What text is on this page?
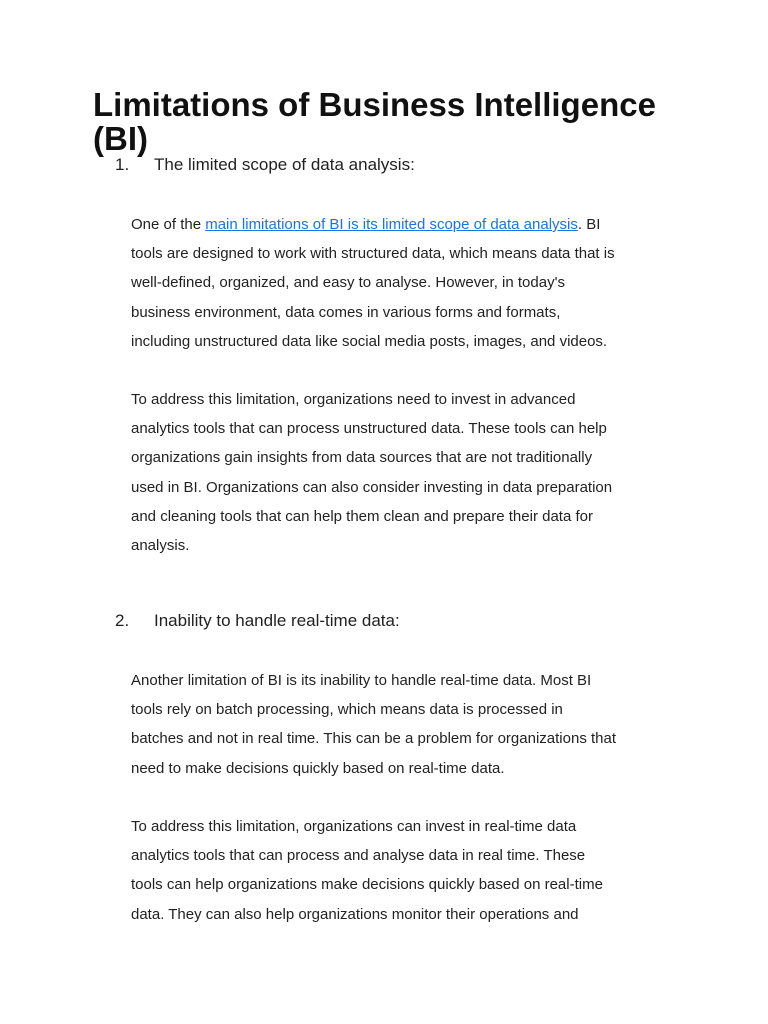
Limitations of Business Intelligence (BI)
1. The limited scope of data analysis:

One of the main limitations of BI is its limited scope of data analysis. BI
tools are designed to work with structured data, which means data that is
well-defined, organized, and easy to analyse. However, in today's
business environment, data comes in various forms and formats,
including unstructured data like social media posts, images, and videos.

To address this limitation, organizations need to invest in advanced
analytics tools that can process unstructured data. These tools can help
organizations gain insights from data sources that are not traditionally
used in BI. Organizations can also consider investing in data preparation
and cleaning tools that can help them clean and prepare their data for
analysis.

2. Inability to handle real-time data:

Another limitation of BI is its inability to handle real-time data. Most BI
tools rely on batch processing, which means data is processed in
batches and not in real time. This can be a problem for organizations that
need to make decisions quickly based on real-time data.

To address this limitation, organizations can invest in real-time data
analytics tools that can process and analyse data in real time. These
tools can help organizations make decisions quickly based on real-time
data. They can also help organizations monitor their operations and
